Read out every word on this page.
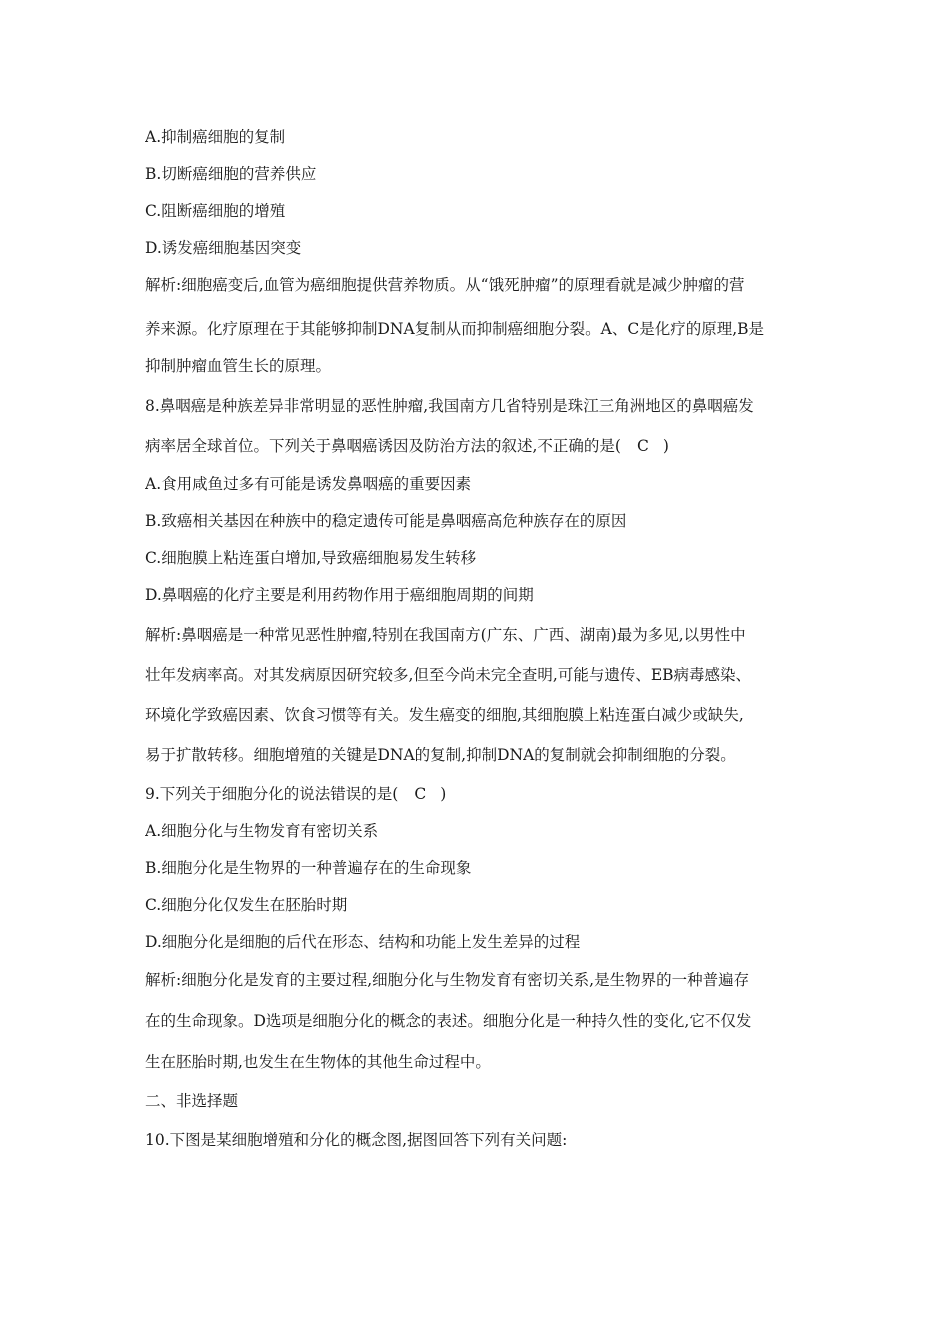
A.抑制癌细胞的复制
B.切断癌细胞的营养供应
C.阻断癌细胞的增殖
D.诱发癌细胞基因突变
解析:细胞癌变后,血管为癌细胞提供营养物质。从“饿死肿瘤”的原理看就是减少肿瘤的营
养来源。化疗原理在于其能够抑制DNA复制从而抑制癌细胞分裂。A、C是化疗的原理,B是
抑制肿瘤血管生长的原理。
8.鼻咽癌是种族差异非常明显的恶性肿瘤,我国南方几省特别是珠江三角洲地区的鼻咽癌发
病率居全球首位。下列关于鼻咽癌诱因及防治方法的叙述,不正确的是( C )
A.食用咸鱼过多有可能是诱发鼻咽癌的重要因素
B.致癌相关基因在种族中的稳定遗传可能是鼻咽癌高危种族存在的原因
C.细胞膜上粘连蛋白增加,导致癌细胞易发生转移
D.鼻咽癌的化疗主要是利用药物作用于癌细胞周期的间期
解析:鼻咽癌是一种常见恶性肿瘤,特别在我国南方(广东、广西、湖南)最为多见,以男性中
壮年发病率高。对其发病原因研究较多,但至今尚未完全查明,可能与遗传、EB病毒感染、
环境化学致癌因素、饮食习惯等有关。发生癌变的细胞,其细胞膜上粘连蛋白减少或缺失,
易于扩散转移。细胞增殖的关键是DNA的复制,抑制DNA的复制就会抑制细胞的分裂。
9.下列关于细胞分化的说法错误的是( C )
A.细胞分化与生物发育有密切关系
B.细胞分化是生物界的一种普遍存在的生命现象
C.细胞分化仅发生在胚胎时期
D.细胞分化是细胞的后代在形态、结构和功能上发生差异的过程
解析:细胞分化是发育的主要过程,细胞分化与生物发育有密切关系,是生物界的一种普遍存
在的生命现象。D选项是细胞分化的概念的表述。细胞分化是一种持久性的变化,它不仅发
生在胚胎时期,也发生在生物体的其他生命过程中。
二、非选择题
10.下图是某细胞增殖和分化的概念图,据图回答下列有关问题:
